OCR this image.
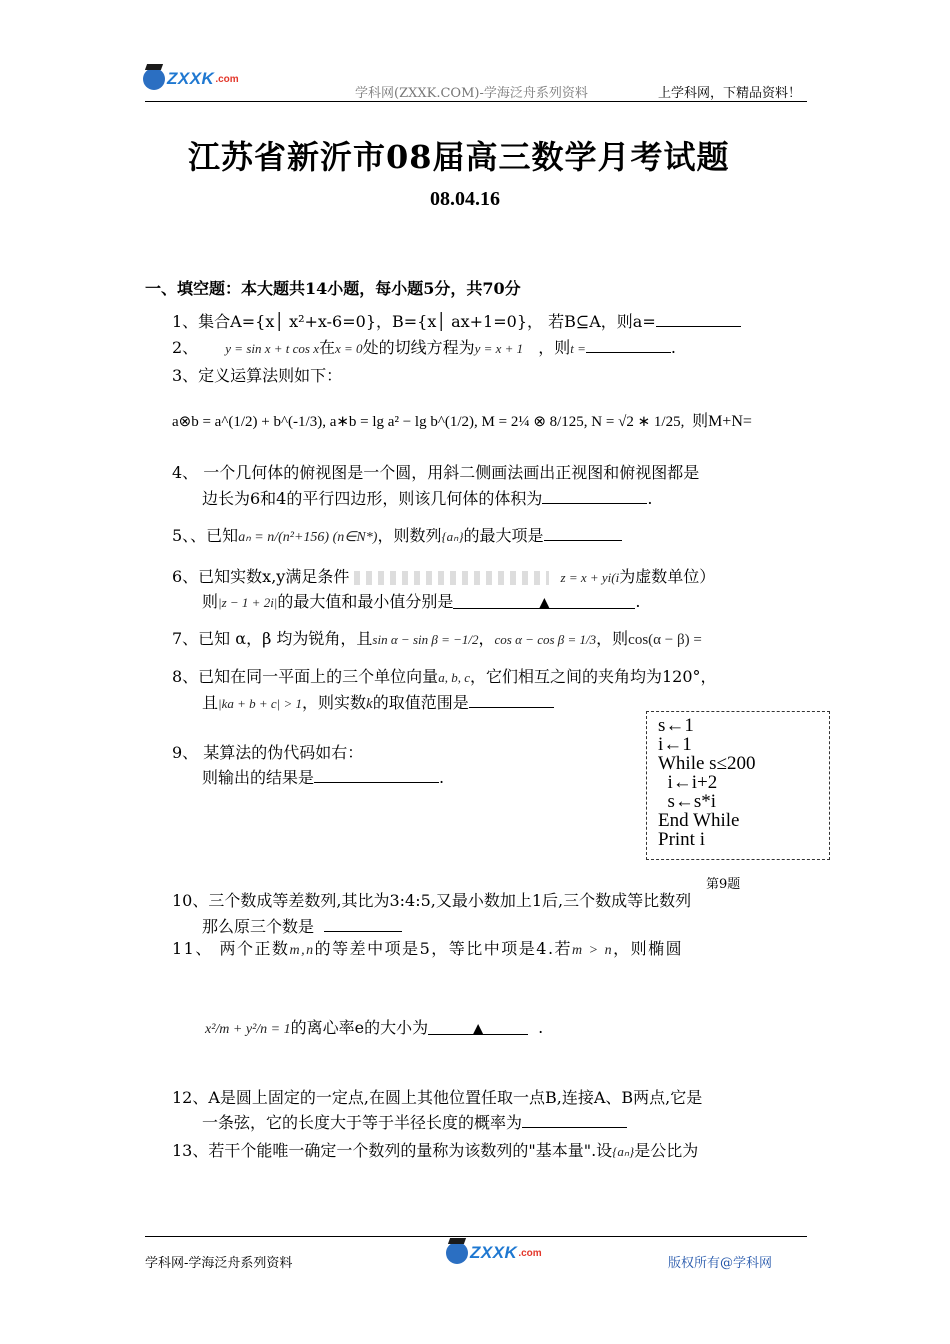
ZXXK .com
学科网(ZXXK.COM)-学海泛舟系列资料	上学科网，下精品资料！
江苏省新沂市08届高三数学月考试题
08.04.16
一、填空题：本大题共14小题，每小题5分，共70分
1、集合A={x│ x²+x-6=0}，B={x│ ax+1=0}， 若B⊆A，则a=
2、 y = sin x + t cos x在x = 0处的切线方程为y = x + 1 ，则t =	.
3、定义运算法则如下：
a⊗b = a^(1/2) + b^(-1/3), a∗b = lg a² − lg b^(1/2), M = 2¼ ⊗ 8/125, N = √2 ∗ 1/25, 则M+N=
4、 一个几何体的俯视图是一个圆，用斜二侧画法画出正视图和俯视图都是
边长为6和4的平行四边形，则该几何体的体积为	.
5、、已知aₙ = n/(n²+156) (n∈N*)，则数列{aₙ}的最大项是
6、已知实数x,y满足条件	z = x + yi(i为虚数单位）
则|z − 1 + 2i|的最大值和最小值分别是	▲	.
7、已知 α，β 均为锐角，且sin α − sin β = −1/2，cos α − cos β = 1/3，则cos(α − β) =
8、已知在同一平面上的三个单位向量a, b, c，它们相互之间的夹角均为120°，
且|ka + b + c| > 1，则实数k的取值范围是
s←1
i←1
While s≤200
i←i+2
s←s*i
End While
Print i
第9题
9、 某算法的伪代码如右：
则输出的结果是	.
10、三个数成等差数列,其比为3:4:5,又最小数加上1后,三个数成等比数列
那么原三个数是
11、 两个正数m,n的等差中项是5，等比中项是4.若m > n，则椭圆
x²/m + y²/n = 1的离心率e的大小为	▲	.
12、A是圆上固定的一定点,在圆上其他位置任取一点B,连接A、B两点,它是
一条弦，它的长度大于等于半径长度的概率为
13、若干个能唯一确定一个数列的量称为该数列的"基本量".设{aₙ}是公比为
学科网-学海泛舟系列资料
ZXXK .com
版权所有@学科网
